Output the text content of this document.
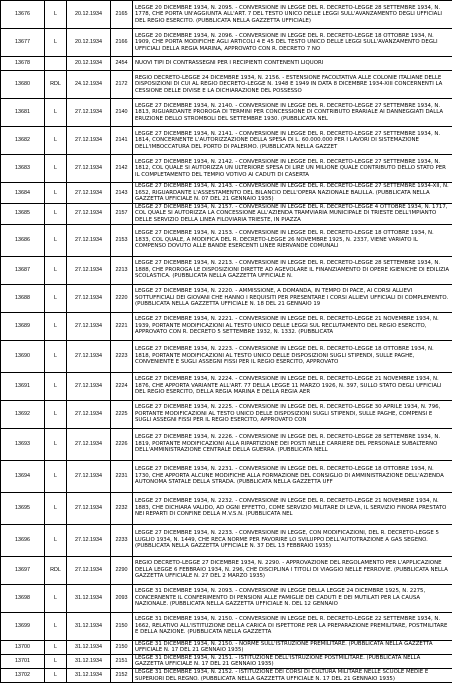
13676	L	20.12.1934	2165	LEGGE 20 DICEMBRE 1934, N. 2095. - CONVERSIONE IN LEGGE DEL R. DECRETO-LEGGE 28 SETTEMBRE 1934, N. 1778, CHE PORTA UN'AGGIUNTA ALL'ART. 7 DEL TESTO UNICO DELLE LEGGI SULL'AVANZAMENTO DEGLI UFFICIALI DEL REGIO ESERCITO. (PUBBLICATA NELLA GAZZETTA UFFICIALE)
13677	L	20.12.1934	2166	LEGGE 20 DICEMBRE 1934, N. 2096. - CONVERSIONE IN LEGGE DEL R. DECRETO-LEGGE 18 OTTOBRE 1934, N. 1909, CHE PORTA MODIFICHE AGLI ARTICOLI 4 E 45 DEL TESTO UNICO DELLE LEGGI SULL'AVANZAMENTO DEGLI UFFICIALI DELLA REGIA MARINA, APPROVATO CON R. DECRETO 7 NO
13678		20.12.1934	2454	NUOVI TIPI DI CONTRASSEGNI PER I RECIPIENTI CONTENENTI LIQUORI
13680	RDL	24.12.1934	2172	REGIO DECRETO-LEGGE 24 DICEMBRE 1934, N. 2156. - ESTENSIONE FACOLTATIVA ALLE COLONIE ITALIANE DELLE DISPOSIZIONI DI CUI AL REGIO DECRETO-LEGGE N. 1948 E 1949 IN DATA 8 DICEMBRE 1934-XIII CONCERNENTI LA CESSIONE DELLE DIVISE E LA DICHIARAZIONE DEL POSSESSO
13681	L	27.12.1934	2140	LEGGE 27 DICEMBRE 1934, N. 2140. - CONVERSIONE IN LEGGE DEL R. DECRETO-LEGGE 27 SETTEMBRE 1934, N. 1813, RIGUARDANTE PROROGA DI TERMINI PER CONCESSIONE DI CONTRIBUTO ERARIALE AI DANNEGGIATI DALLA ERUZIONE DELLO STROMBOLI DEL SETTEMBRE 1930. (PUBBLICATA NEL
13682	L	27.12.1934	2141	LEGGE 27 DICEMBRE 1934, N. 2141. - CONVERSIONE IN LEGGE DEL R. DECRETO-LEGGE 27 SETTEMBRE 1934, N. 1814, CONCERNENTE L'AUTORIZZAZIONE DELLA SPESA DI L. 60.000.000 PER I LAVORI DI SISTEMAZIONE DELL'IMBOCCATURA DEL PORTO DI PALERMO. (PUBBLICATA NELLA GAZZET
13683	L	27.12.1934	2142	LEGGE 27 DICEMBRE 1934, N. 2142. - CONVERSIONE IN LEGGE DEL R. DECRETO-LEGGE 27 SETTEMBRE 1934, N. 1812, COL QUALE SI AUTORIZZA UN ULTERIORE SPESA DI LIRE UN MILIONE QUALE CONTRIBUTO DELLO STATO PER IL COMPLETAMENTO DEL TEMPIO VOTIVO AI CADUTI DI CASERTA
13684	L	27.12.1934	2143	LEGGE 27 DICEMBRE 1934, N. 2143. - CONVERSIONE IN LEGGE DEL R. DECRETO-LEGGE 27 SETTEMBRE 1934-XII, N. 1652, RIGUARDANTE L'ASSESTAMENTO DEL BILANCIO DELL'OPERA NAZIONALE BALILLA. (PUBBLICATA NELLA GAZZETTA UFFICIALE N. 07 DEL 21 GENNAIO 1935)
13685	L	27.12.1934	2157	LEGGE 27 DICEMBRE 1934, N. 2157. - CONVERSIONE IN LEGGE DEL R. DECRETO-LEGGE 4 OTTOBRE 1934, N. 1717, COL QUALE SI AUTORIZZA LA CONCESSIONE ALL'AZIENDA TRAMVIARIA MUNICIPALE DI TRIESTE DELL'IMPIANTO DELLE SERVIZIO DELLA LINEA FILOVIARIA TRIESTE, IN PIAZZA
13686	L	27.12.1934	2153	LEGGE 27 DICEMBRE 1934, N. 2153. - CONVERSIONE IN LEGGE DEL R. DECRETO-LEGGE 18 OTTOBRE 1934, N. 1833, COL QUALE, A MODIFICA DEL R. DECRETO-LEGGE 26 NOVEMBRE 1925, N. 2337, VIENE VARIATO IL COMPENSO DOVUTO ALLE BANDE ESERCENTI LINEE RIERVANDE COMUNALI
13687	L	27.12.1934	2213	LEGGE 27 DICEMBRE 1934, N. 2213. - CONVERSIONE IN LEGGE DEL R. DECRETO-LEGGE 28 SETTEMBRE 1934, N. 1888, CHE PROROGA LE DISPOSIZIONI DIRETTE AD AGEVOLARE IL FINANZIAMENTO DI OPERE IGIENICHE DI EDILIZIA SCOLASTICA. (PUBBLICATA NELLA GAZZETTA UFFICIALE N.
13688	L	27.12.1934	2220	LEGGE 27 DICEMBRE 1934, N. 2220. - AMMISSIONE, A DOMANDA, IN TEMPO DI PACE, AI CORSI ALLIEVI SOTTUFFICIALI DEI GIOVANI CHE HANNO I REQUISITI PER PRESENTARE I CORSI ALLIEVI UFFICIALI DI COMPLEMENTO. (PUBBLICATA NELLA GAZZETTA UFFICIALE N. 18 DEL 21 GENNAIO 19
13689	L	27.12.1934	2221	LEGGE 27 DICEMBRE 1934, N. 2221. - CONVERSIONE IN LEGGE DEL R. DECRETO-LEGGE 21 NOVEMBRE 1934, N. 1939, PORTANTE MODIFICAZIONI AL TESTO UNICO DELLE LEGGI SUL RECLUTAMENTO DEL REGIO ESERCITO, APPROVATO CON R. DECRETO 5 SETTEMBRE 1932, N. 1332. (PUBBLICATA
13690	L	27.12.1934	2223	LEGGE 27 DICEMBRE 1934, N. 2223. - CONVERSIONE IN LEGGE DEL R. DECRETO-LEGGE 18 OTTOBRE 1934, N. 1818, PORTANTE MODIFICAZIONI AL TESTO UNICO DELLE DISPOSIZIONI SUGLI STIPENDI, SULLE PAGHE, CONVENIENTE E SUGLI ASSEGNI FISSI PER IL REGIO ESERCITO, APPROVATO
13691	L	27.12.1934	2224	LEGGE 27 DICEMBRE 1934, N. 2224. - CONVERSIONE IN LEGGE DEL R. DECRETO-LEGGE 21 NOVEMBRE 1934, N. 1876, CHE APPORTA VARIANTE ALL'ART. 77 DELLA LEGGE 11 MARZO 1926, N. 397, SULLO STATO DEGLI UFFICIALI DEL REGIO ESERCITO, DELLA REGIA MARINA E DELLA REGIA AER
13692	L	27.12.1934	2225	LEGGE 27 DICEMBRE 1934, N. 2225. - CONVERSIONE IN LEGGE DEL R. DECRETO-LEGGE 30 APRILE 1934, N. 796, PORTANTE MODIFICAZIONI AL TESTO UNICO DELLE DISPOSIZIONI SUGLI STIPENDI, SULLE PAGHE, COMPENSI E SUGLI ASSEGNI FISSI PER IL REGIO ESERCITO, APPROVATO CON
13693	L	27.12.1934	2226	LEGGE 27 DICEMBRE 1934, N. 2226. - CONVERSIONE IN LEGGE DEL R. DECRETO-LEGGE 28 SETTEMBRE 1934, N. 1819, PORTANTE MODIFICAZIONI ALLA RIPARTIZIONE DEI POSTI NELLE CARRIERE DEL PERSONALE SUBALTERNO DELL'AMMINISTRAZIONE CENTRALE DELLA GUERRA. (PUBBLICATA NELL
13694	L	27.12.1934	2231	LEGGE 27 DICEMBRE 1934, N. 2231. - CONVERSIONE IN LEGGE DEL R. DECRETO-LEGGE 18 OTTOBRE 1934, N. 1730, CHE APPORTA ALCUNE MODIFICHE ALLA FORMAZIONE DEL CONSIGLIO DI AMMINISTRAZIONE DELL'AZIENDA AUTONOMA STATALE DELLA STRADA. (PUBBLICATA NELLA GAZZETTA UFF
13695	L	27.12.1934	2232	LEGGE 27 DICEMBRE 1934, N. 2232. - CONVERSIONE IN LEGGE DEL R. DECRETO-LEGGE 21 NOVEMBRE 1934, N. 1883, CHE DICHIARA VALIDO, AD OGNI EFFETTO, COME SERVIZIO MILITARE DI LEVA, IL SERVIZIO FINORA PRESTATO NEI REPARTI DI CONFINE DELLA M.V.S.N. (PUBBLICATA NEL
13696	L	27.12.1934	2233	LEGGE 27 DICEMBRE 1934, N. 2233. - CONVERSIONE IN LEGGE, CON MODIFICAZIONI, DEL R. DECRETO-LEGGE 5 LUGLIO 1934, N. 1449, CHE RECA NORME PER FAVORIRE LO SVILUPPO DELL'AUTOTRAZIONE A GAS SEGENO. (PUBBLICATA NELLA GAZZETTA UFFICIALE N. 37 DEL 13 FEBBRAIO 1935)
13697	RDL	27.12.1934	2290	REGIO DECRETO-LEGGE 27 DICEMBRE 1934, N. 2290. - APPROVAZIONE DEL REGOLAMENTO PER L'APPLICAZIONE DELLA LEGGE 6 FEBBRAIO 1934, N. 296, CHE DISCIPLINA I TITOLI DI VIAGGIO NELLE FERROVIE. (PUBBLICATA NELLA GAZZETTA UFFICIALE N. 27 DEL 2 MARZO 1935)
13698	L	31.12.1934	2093	LEGGE 31 DICEMBRE 1934, N. 2093. - CONVERSIONE IN LEGGE DELLA LEGGE 24 DICEMBRE 1925, N. 2275, CONCERNENTE IL CONFERIMENTO DI PENSIONI ALLE FAMIGLIE DEI CADUTI E DEI MUTILATI PER LA CAUSA NAZIONALE. (PUBBLICATA NELLA GAZZETTA UFFICIALE N. DEL 12 GENNAIO
13699	L	31.12.1934	2150	LEGGE 31 DICEMBRE 1934, N. 2150. - CONVERSIONE IN LEGGE DEL R. DECRETO-LEGGE 22 SETTEMBRE 1934, N. 1662, RELATIVO ALL'ISTITUZIONE DELLA CARICA DI ISPETTORE PER LA PREPARAZIONE PREMILITARE, POSTMILITARE E DELLA NAZIONE. (PUBBLICATA NELLA GAZZETTA
13700	L	31.12.1934	2150	LEGGE 31 DICEMBRE 1934, N. 2150. - NORME SULL'ISTRUZIONE PREMILITARE. (PUBBLICATA NELLA GAZZETTA UFFICIALE N. 17 DEL 21 GENNAIO 1935)
13701	L	31.12.1934	2151	LEGGE 31 DICEMBRE 1934, N. 2151. - ISTITUZIONE DELL'ISTRUZIONE POSTMILITARE. (PUBBLICATA NELLA GAZZETTA UFFICIALE N. 17 DEL 21 GENNAIO 1935)
13702	L	31.12.1934	2152	LEGGE 31 DICEMBRE 1934, N. 2152. - ISTITUZIONE DEI CORSI DI CULTURA MILITARE NELLE SCUOLE MEDIE E SUPERIORI DEL REGNO. (PUBBLICATA NELLA GAZZETTA UFFICIALE N. 17 DEL 21 GENNAIO 1935)
